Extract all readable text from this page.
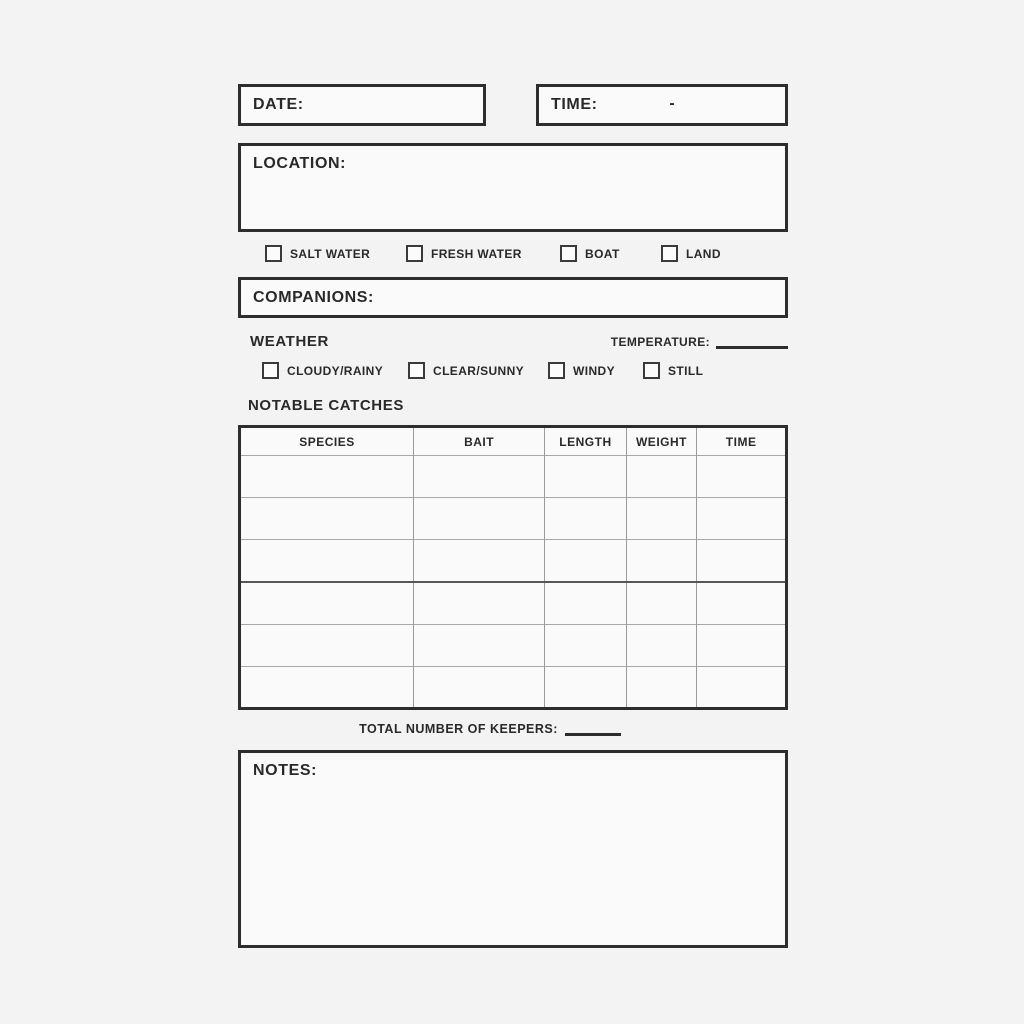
DATE:	TIME:	-
LOCATION:
SALT WATER	FRESH WATER	BOAT	LAND
COMPANIONS:
WEATHER	TEMPERATURE:
CLOUDY/RAINY	CLEAR/SUNNY	WINDY	STILL
NOTABLE CATCHES
SPECIES	BAIT	LENGTH	WEIGHT	TIME

TOTAL NUMBER OF KEEPERS:
NOTES:
